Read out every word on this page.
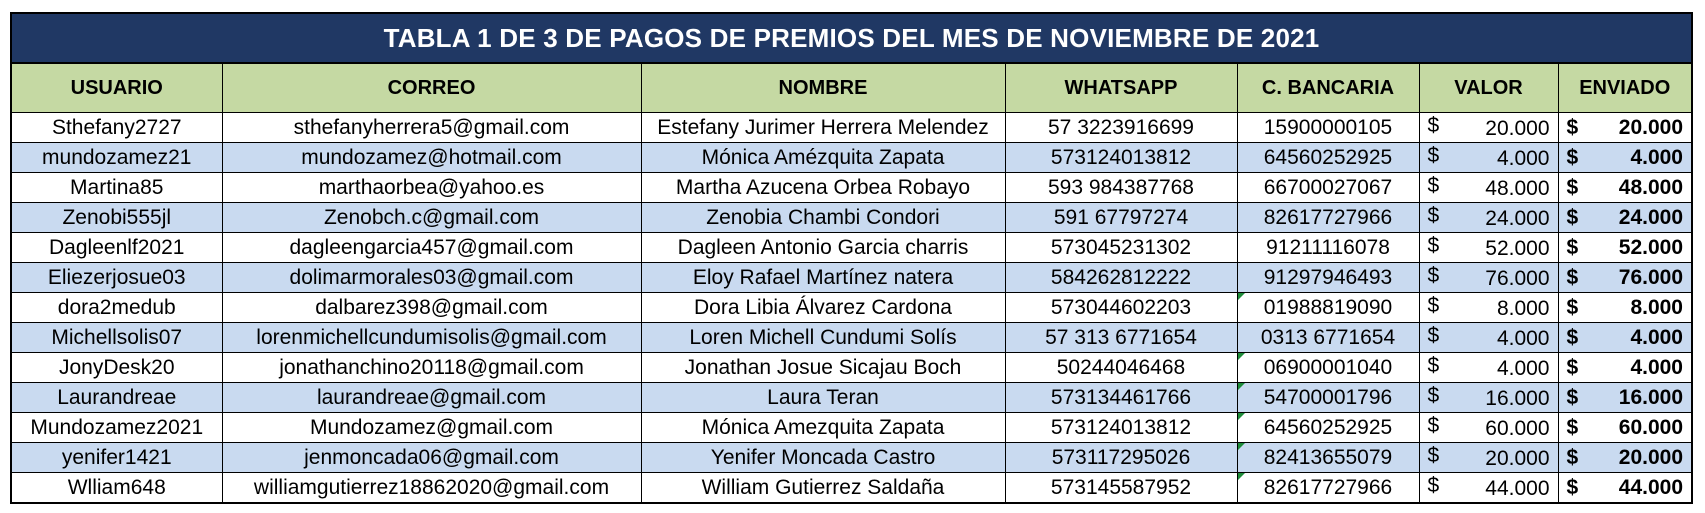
TABLA 1 DE 3 DE PAGOS DE PREMIOS DEL MES DE NOVIEMBRE DE 2021
USUARIO	CORREO	NOMBRE	WHATSAPP	C. BANCARIA	VALOR	ENVIADO
Sthefany2727	sthefanyherrera5@gmail.com	Estefany Jurimer Herrera Melendez	57 3223916699	15900000105	$ 20.000	$ 20.000
mundozamez21	mundozamez@hotmail.com	Mónica Amézquita Zapata	573124013812	64560252925	$ 4.000	$ 4.000
Martina85	marthaorbea@yahoo.es	Martha Azucena Orbea Robayo	593 984387768	66700027067	$ 48.000	$ 48.000
Zenobi555jl	Zenobch.c@gmail.com	Zenobia Chambi Condori	591 67797274	82617727966	$ 24.000	$ 24.000
Dagleenlf2021	dagleengarcia457@gmail.com	Dagleen Antonio Garcia charris	573045231302	91211116078	$ 52.000	$ 52.000
Eliezerjosue03	dolimarmorales03@gmail.com	Eloy Rafael Martínez natera	584262812222	91297946493	$ 76.000	$ 76.000
dora2medub	dalbarez398@gmail.com	Dora Libia Álvarez Cardona	573044602203	01988819090	$ 8.000	$ 8.000
Michellsolis07	lorenmichellcundumisolis@gmail.com	Loren Michell Cundumi Solís	57 313 6771654	0313 6771654	$ 4.000	$ 4.000
JonyDesk20	jonathanchino20118@gmail.com	Jonathan Josue Sicajau Boch	50244046468	06900001040	$ 4.000	$ 4.000
Laurandreae	laurandreae@gmail.com	Laura Teran	573134461766	54700001796	$ 16.000	$ 16.000
Mundozamez2021	Mundozamez@gmail.com	Mónica Amezquita Zapata	573124013812	64560252925	$ 60.000	$ 60.000
yenifer1421	jenmoncada06@gmail.com	Yenifer Moncada Castro	573117295026	82413655079	$ 20.000	$ 20.000
Wlliam648	williamgutierrez18862020@gmail.com	William Gutierrez Saldaña	573145587952	82617727966	$ 44.000	$ 44.000
